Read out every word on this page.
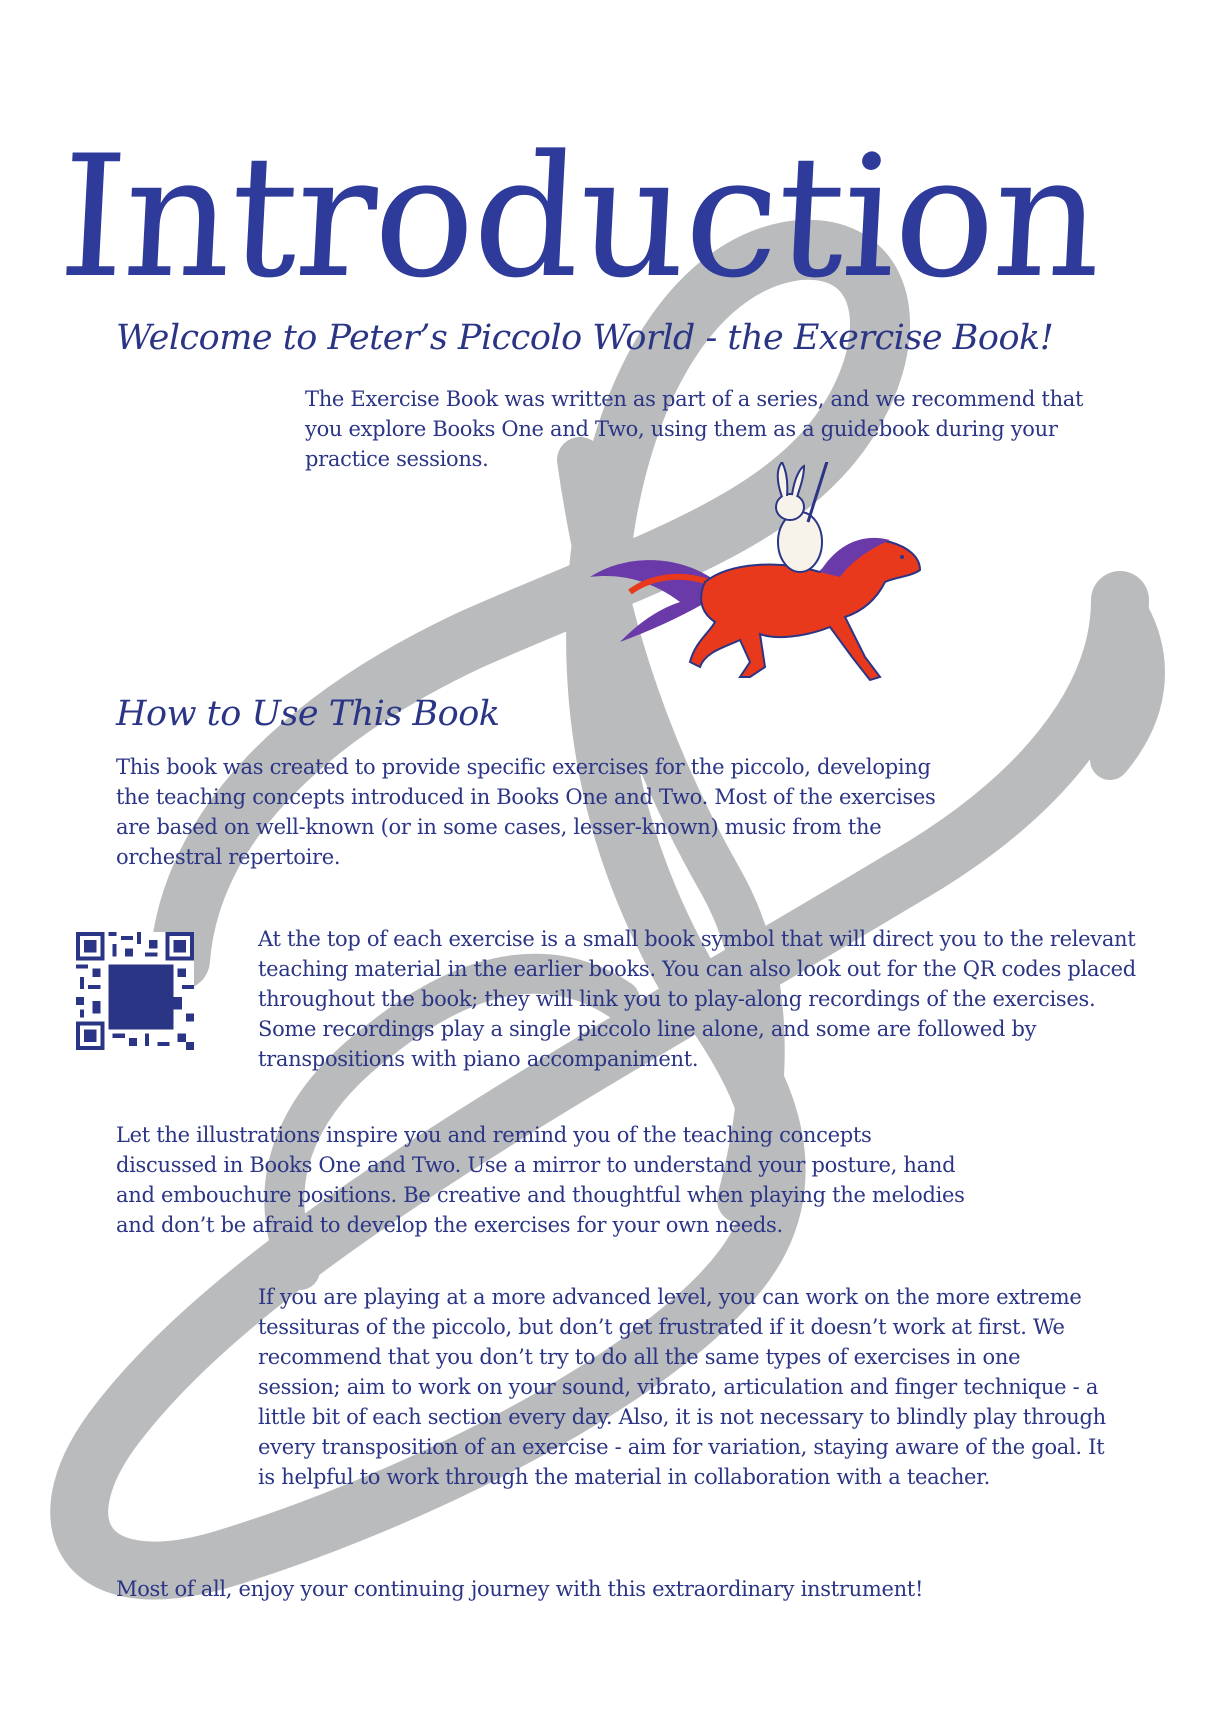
Introduction
Welcome to Peter’s Piccolo World - the Exercise Book!

The Exercise Book was written as part of a series, and we recommend that you explore Books One and Two, using them as a guidebook during your practice sessions.

How to Use This Book

This book was created to provide specific exercises for the piccolo, developing the teaching concepts introduced in Books One and Two. Most of the exercises are based on well-known (or in some cases, lesser-known) music from the orchestral repertoire.

At the top of each exercise is a small book symbol that will direct you to the relevant teaching material in the earlier books. You can also look out for the QR codes placed throughout the book; they will link you to play-along recordings of the exercises. Some recordings play a single piccolo line alone, and some are followed by transpositions with piano accompaniment.

Let the illustrations inspire you and remind you of the teaching concepts discussed in Books One and Two. Use a mirror to understand your posture, hand and embouchure positions. Be creative and thoughtful when playing the melodies and don’t be afraid to develop the exercises for your own needs.

If you are playing at a more advanced level, you can work on the more extreme tessituras of the piccolo, but don’t get frustrated if it doesn’t work at first. We recommend that you don’t try to do all the same types of exercises in one session; aim to work on your sound, vibrato, articulation and finger technique - a little bit of each section every day. Also, it is not necessary to blindly play through every transposition of an exercise - aim for variation, staying aware of the goal. It is helpful to work through the material in collaboration with a teacher.

Most of all, enjoy your continuing journey with this extraordinary instrument!
